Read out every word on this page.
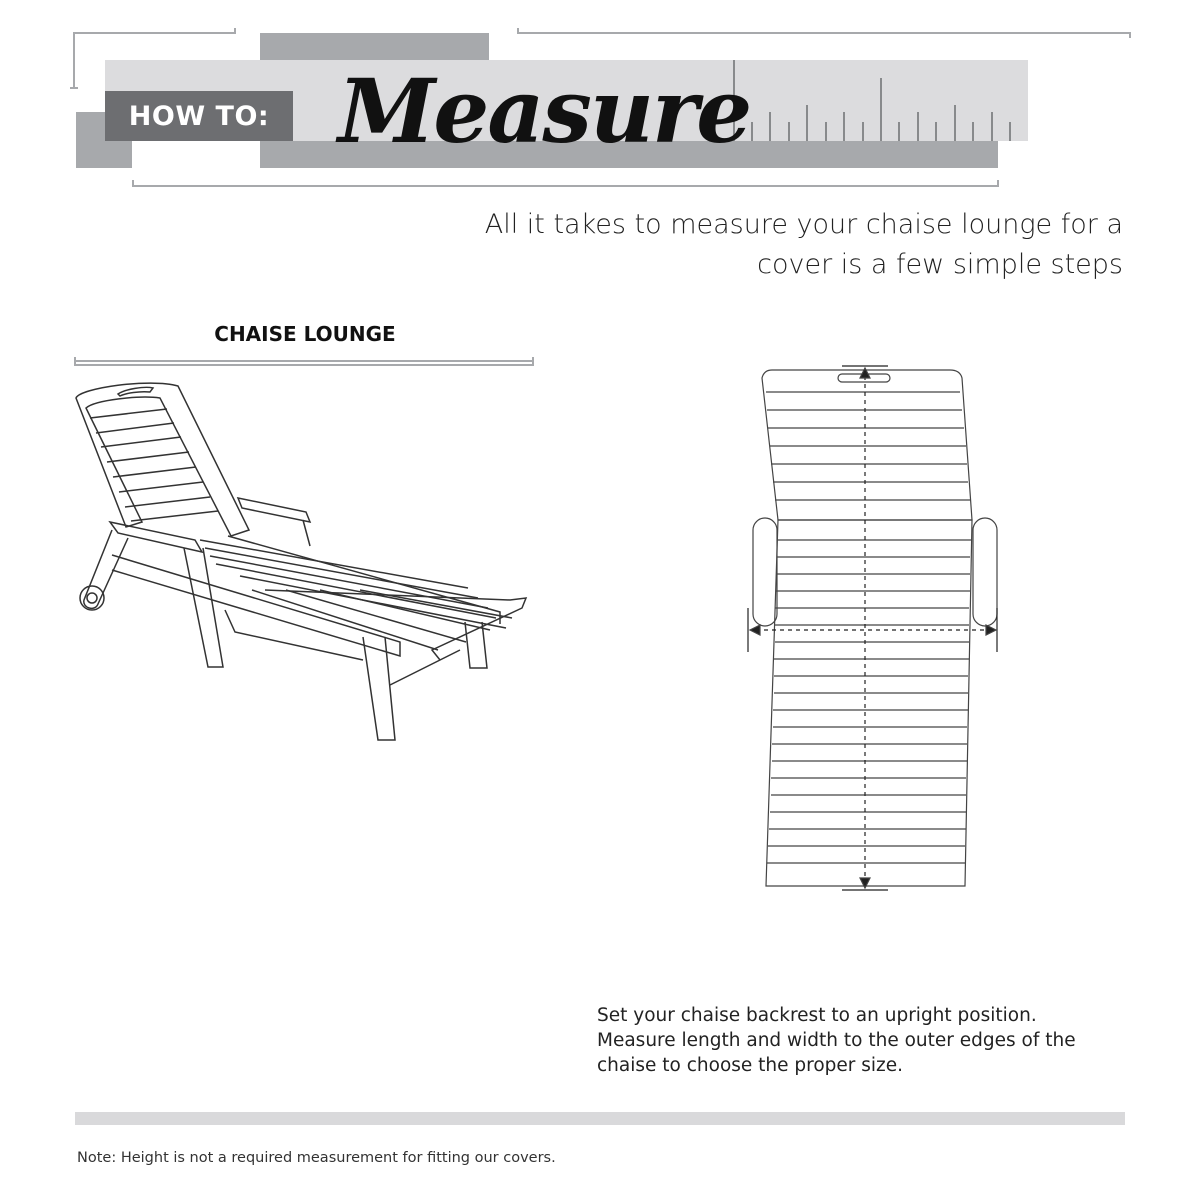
HOW TO: Measure
All it takes to measure your chaise lounge for a
cover is a few simple steps
CHAISE LOUNGE
Set your chaise backrest to an upright position.
Measure length and width to the outer edges of the
chaise to choose the proper size.
Note: Height is not a required measurement for fitting our covers.
